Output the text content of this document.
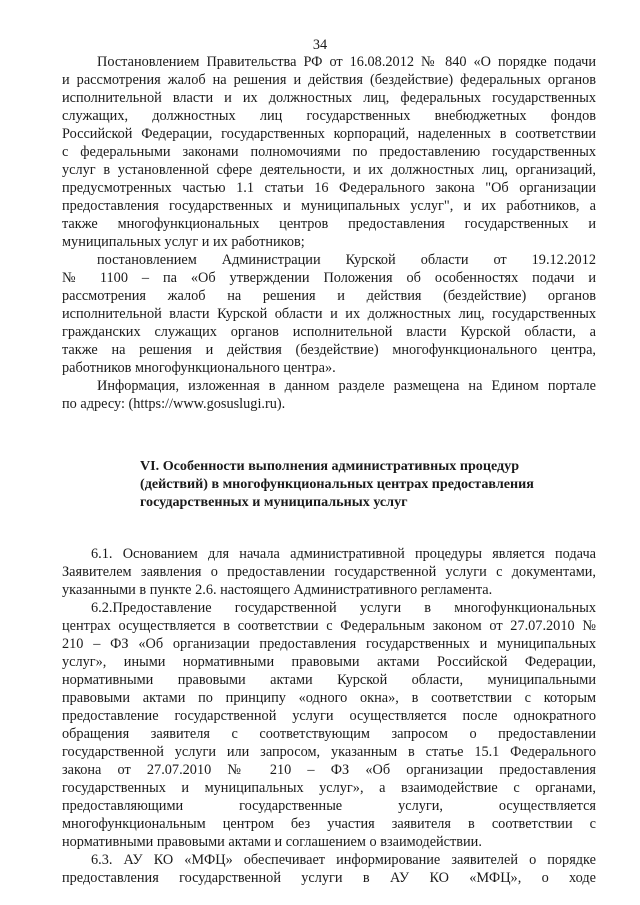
34
Постановлением Правительства РФ от 16.08.2012 № 840 «О порядке подачи
и рассмотрения жалоб на решения и действия (бездействие) федеральных органов
исполнительной власти и их должностных лиц, федеральных государственных
служащих, должностных лиц государственных внебюджетных фондов
Российской Федерации, государственных корпораций, наделенных в соответствии
с федеральными законами полномочиями по предоставлению государственных
услуг в установленной сфере деятельности, и их должностных лиц, организаций,
предусмотренных частью 1.1 статьи 16 Федерального закона "Об организации
предоставления государственных и муниципальных услуг", и их работников, а
также многофункциональных центров предоставления государственных и
муниципальных услуг и их работников;
постановлением Администрации Курской области от 19.12.2012
№ 1100 – па «Об утверждении Положения об особенностях подачи и
рассмотрения жалоб на решения и действия (бездействие) органов
исполнительной власти Курской области и их должностных лиц, государственных
гражданских служащих органов исполнительной власти Курской области, а
также на решения и действия (бездействие) многофункционального центра,
работников многофункционального центра».
Информация, изложенная в данном разделе размещена на Едином портале
по адресу: (https://www.gosuslugi.ru).
VI. Особенности выполнения административных процедур
(действий) в многофункциональных центрах предоставления
государственных и муниципальных услуг
6.1. Основанием для начала административной процедуры является подача
Заявителем заявления о предоставлении государственной услуги с документами,
указанными в пункте 2.6. настоящего Административного регламента.
6.2.Предоставление государственной услуги в многофункциональных
центрах осуществляется в соответствии с Федеральным законом от 27.07.2010 №
210 – ФЗ «Об организации предоставления государственных и муниципальных
услуг», иными нормативными правовыми актами Российской Федерации,
нормативными правовыми актами Курской области, муниципальными
правовыми актами по принципу «одного окна», в соответствии с которым
предоставление государственной услуги осуществляется после однократного
обращения заявителя с соответствующим запросом о предоставлении
государственной услуги или запросом, указанным в статье 15.1 Федерального
закона от 27.07.2010 № 210 – ФЗ «Об организации предоставления
государственных и муниципальных услуг», а взаимодействие с органами,
предоставляющими государственные услуги, осуществляется
многофункциональным центром без участия заявителя в соответствии с
нормативными правовыми актами и соглашением о взаимодействии.
6.3. АУ КО «МФЦ» обеспечивает информирование заявителей о порядке
предоставления государственной услуги в АУ КО «МФЦ», о ходе
